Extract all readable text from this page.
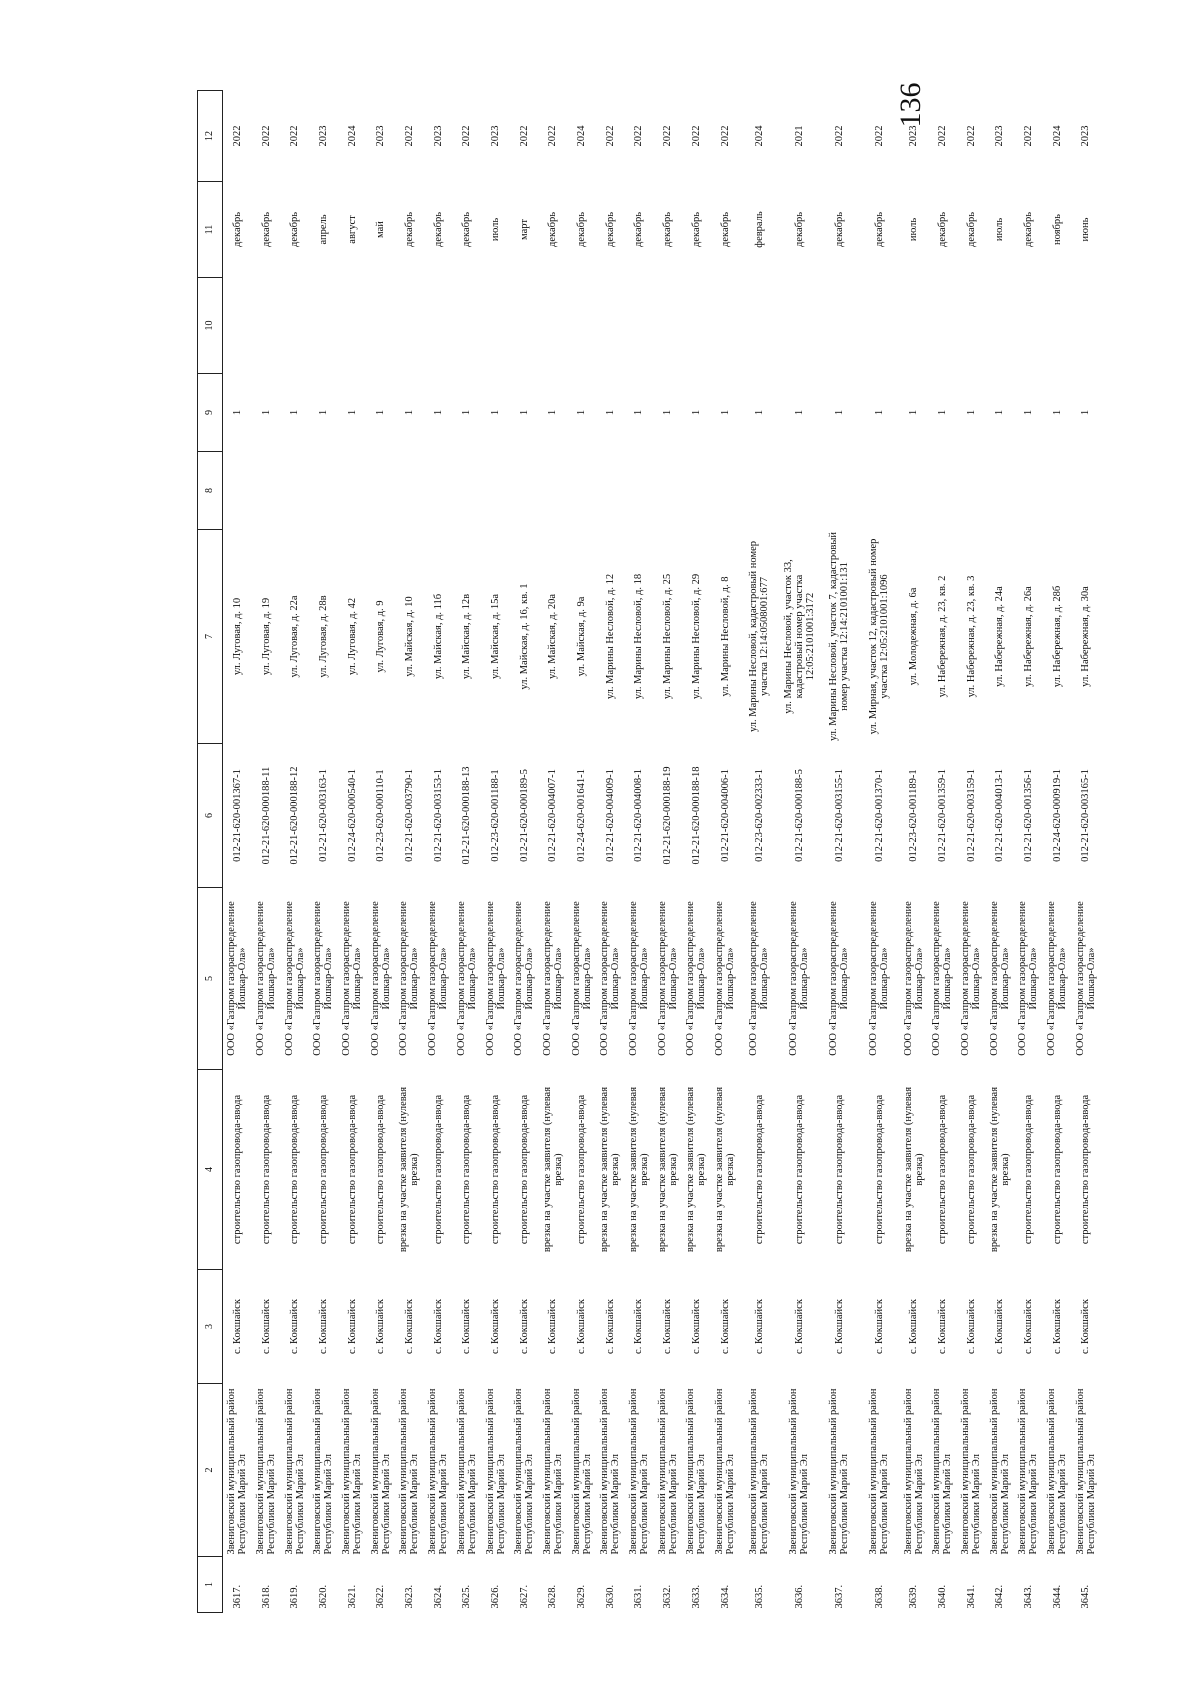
136
1	2	3	4	5	6	7	8	9	10	11	12
3617.	Звениговский муниципальный район Республики Марий Эл	с. Кокшайск	строительство газопровода-ввода	ООО «Газпром газораспределение Йошкар-Ола»	012-21-620-001367-1	ул. Луговая, д. 10		1		декабрь	2022
3618.	Звениговский муниципальный район Республики Марий Эл	с. Кокшайск	строительство газопровода-ввода	ООО «Газпром газораспределение Йошкар-Ола»	012-21-620-000188-11	ул. Луговая, д. 19		1		декабрь	2022
3619.	Звениговский муниципальный район Республики Марий Эл	с. Кокшайск	строительство газопровода-ввода	ООО «Газпром газораспределение Йошкар-Ола»	012-21-620-000188-12	ул. Луговая, д. 22а		1		декабрь	2022
3620.	Звениговский муниципальный район Республики Марий Эл	с. Кокшайск	строительство газопровода-ввода	ООО «Газпром газораспределение Йошкар-Ола»	012-21-620-003163-1	ул. Луговая, д. 28в		1		апрель	2023
3621.	Звениговский муниципальный район Республики Марий Эл	с. Кокшайск	строительство газопровода-ввода	ООО «Газпром газораспределение Йошкар-Ола»	012-24-620-000540-1	ул. Луговая, д. 42		1		август	2024
3622.	Звениговский муниципальный район Республики Марий Эл	с. Кокшайск	строительство газопровода-ввода	ООО «Газпром газораспределение Йошкар-Ола»	012-23-620-000110-1	ул. Луговая, д. 9		1		май	2023
3623.	Звениговский муниципальный район Республики Марий Эл	с. Кокшайск	врезка на участке заявителя (нулевая врезка)	ООО «Газпром газораспределение Йошкар-Ола»	012-21-620-003790-1	ул. Майская, д. 10		1		декабрь	2022
3624.	Звениговский муниципальный район Республики Марий Эл	с. Кокшайск	строительство газопровода-ввода	ООО «Газпром газораспределение Йошкар-Ола»	012-21-620-003153-1	ул. Майская, д. 11б		1		декабрь	2023
3625.	Звениговский муниципальный район Республики Марий Эл	с. Кокшайск	строительство газопровода-ввода	ООО «Газпром газораспределение Йошкар-Ола»	012-21-620-000188-13	ул. Майская, д. 12в		1		декабрь	2022
3626.	Звениговский муниципальный район Республики Марий Эл	с. Кокшайск	строительство газопровода-ввода	ООО «Газпром газораспределение Йошкар-Ола»	012-23-620-001188-1	ул. Майская, д. 15а		1		июль	2023
3627.	Звениговский муниципальный район Республики Марий Эл	с. Кокшайск	строительство газопровода-ввода	ООО «Газпром газораспределение Йошкар-Ола»	012-21-620-000189-5	ул. Майская, д. 16, кв. 1		1		март	2022
3628.	Звениговский муниципальный район Республики Марий Эл	с. Кокшайск	врезка на участке заявителя (нулевая врезка)	ООО «Газпром газораспределение Йошкар-Ола»	012-21-620-004007-1	ул. Майская, д. 20а		1		декабрь	2022
3629.	Звениговский муниципальный район Республики Марий Эл	с. Кокшайск	строительство газопровода-ввода	ООО «Газпром газораспределение Йошкар-Ола»	012-24-620-001641-1	ул. Майская, д. 9а		1		декабрь	2024
3630.	Звениговский муниципальный район Республики Марий Эл	с. Кокшайск	врезка на участке заявителя (нулевая врезка)	ООО «Газпром газораспределение Йошкар-Ола»	012-21-620-004009-1	ул. Марины Несловой, д. 12		1		декабрь	2022
3631.	Звениговский муниципальный район Республики Марий Эл	с. Кокшайск	врезка на участке заявителя (нулевая врезка)	ООО «Газпром газораспределение Йошкар-Ола»	012-21-620-004008-1	ул. Марины Несловой, д. 18		1		декабрь	2022
3632.	Звениговский муниципальный район Республики Марий Эл	с. Кокшайск	врезка на участке заявителя (нулевая врезка)	ООО «Газпром газораспределение Йошкар-Ола»	012-21-620-000188-19	ул. Марины Несловой, д. 25		1		декабрь	2022
3633.	Звениговский муниципальный район Республики Марий Эл	с. Кокшайск	врезка на участке заявителя (нулевая врезка)	ООО «Газпром газораспределение Йошкар-Ола»	012-21-620-000188-18	ул. Марины Несловой, д. 29		1		декабрь	2022
3634.	Звениговский муниципальный район Республики Марий Эл	с. Кокшайск	врезка на участке заявителя (нулевая врезка)	ООО «Газпром газораспределение Йошкар-Ола»	012-21-620-004006-1	ул. Марины Несловой, д. 8		1		декабрь	2022
3635.	Звениговский муниципальный район Республики Марий Эл	с. Кокшайск	строительство газопровода-ввода	ООО «Газпром газораспределение Йошкар-Ола»	012-23-620-002333-1	ул. Марины Несловой, кадастровый номер участка 12:14:0508001:677		1		февраль	2024
3636.	Звениговский муниципальный район Республики Марий Эл	с. Кокшайск	строительство газопровода-ввода	ООО «Газпром газораспределение Йошкар-Ола»	012-21-620-000188-5	ул. Марины Несловой, участок 33, кадастровый номер участка 12:05:2101001:3172		1		декабрь	2021
3637.	Звениговский муниципальный район Республики Марий Эл	с. Кокшайск	строительство газопровода-ввода	ООО «Газпром газораспределение Йошкар-Ола»	012-21-620-003155-1	ул. Марины Несловой, участок 7, кадастровый номер участка 12:14:2101001:131		1		декабрь	2022
3638.	Звениговский муниципальный район Республики Марий Эл	с. Кокшайск	строительство газопровода-ввода	ООО «Газпром газораспределение Йошкар-Ола»	012-21-620-001370-1	ул. Мирная, участок 12, кадастровый номер участка 12:05:2101001:1096		1		декабрь	2022
3639.	Звениговский муниципальный район Республики Марий Эл	с. Кокшайск	врезка на участке заявителя (нулевая врезка)	ООО «Газпром газораспределение Йошкар-Ола»	012-23-620-001189-1	ул. Молодежная, д. 6а		1		июль	2023
3640.	Звениговский муниципальный район Республики Марий Эл	с. Кокшайск	строительство газопровода-ввода	ООО «Газпром газораспределение Йошкар-Ола»	012-21-620-001359-1	ул. Набережная, д. 23, кв. 2		1		декабрь	2022
3641.	Звениговский муниципальный район Республики Марий Эл	с. Кокшайск	строительство газопровода-ввода	ООО «Газпром газораспределение Йошкар-Ола»	012-21-620-003159-1	ул. Набережная, д. 23, кв. 3		1		декабрь	2022
3642.	Звениговский муниципальный район Республики Марий Эл	с. Кокшайск	врезка на участке заявителя (нулевая врезка)	ООО «Газпром газораспределение Йошкар-Ола»	012-21-620-004013-1	ул. Набережная, д. 24а		1		июль	2023
3643.	Звениговский муниципальный район Республики Марий Эл	с. Кокшайск	строительство газопровода-ввода	ООО «Газпром газораспределение Йошкар-Ола»	012-21-620-001356-1	ул. Набережная, д. 26а		1		декабрь	2022
3644.	Звениговский муниципальный район Республики Марий Эл	с. Кокшайск	строительство газопровода-ввода	ООО «Газпром газораспределение Йошкар-Ола»	012-24-620-000919-1	ул. Набережная, д. 28б		1		ноябрь	2024
3645.	Звениговский муниципальный район Республики Марий Эл	с. Кокшайск	строительство газопровода-ввода	ООО «Газпром газораспределение Йошкар-Ола»	012-21-620-003165-1	ул. Набережная, д. 30а		1		июнь	2023
